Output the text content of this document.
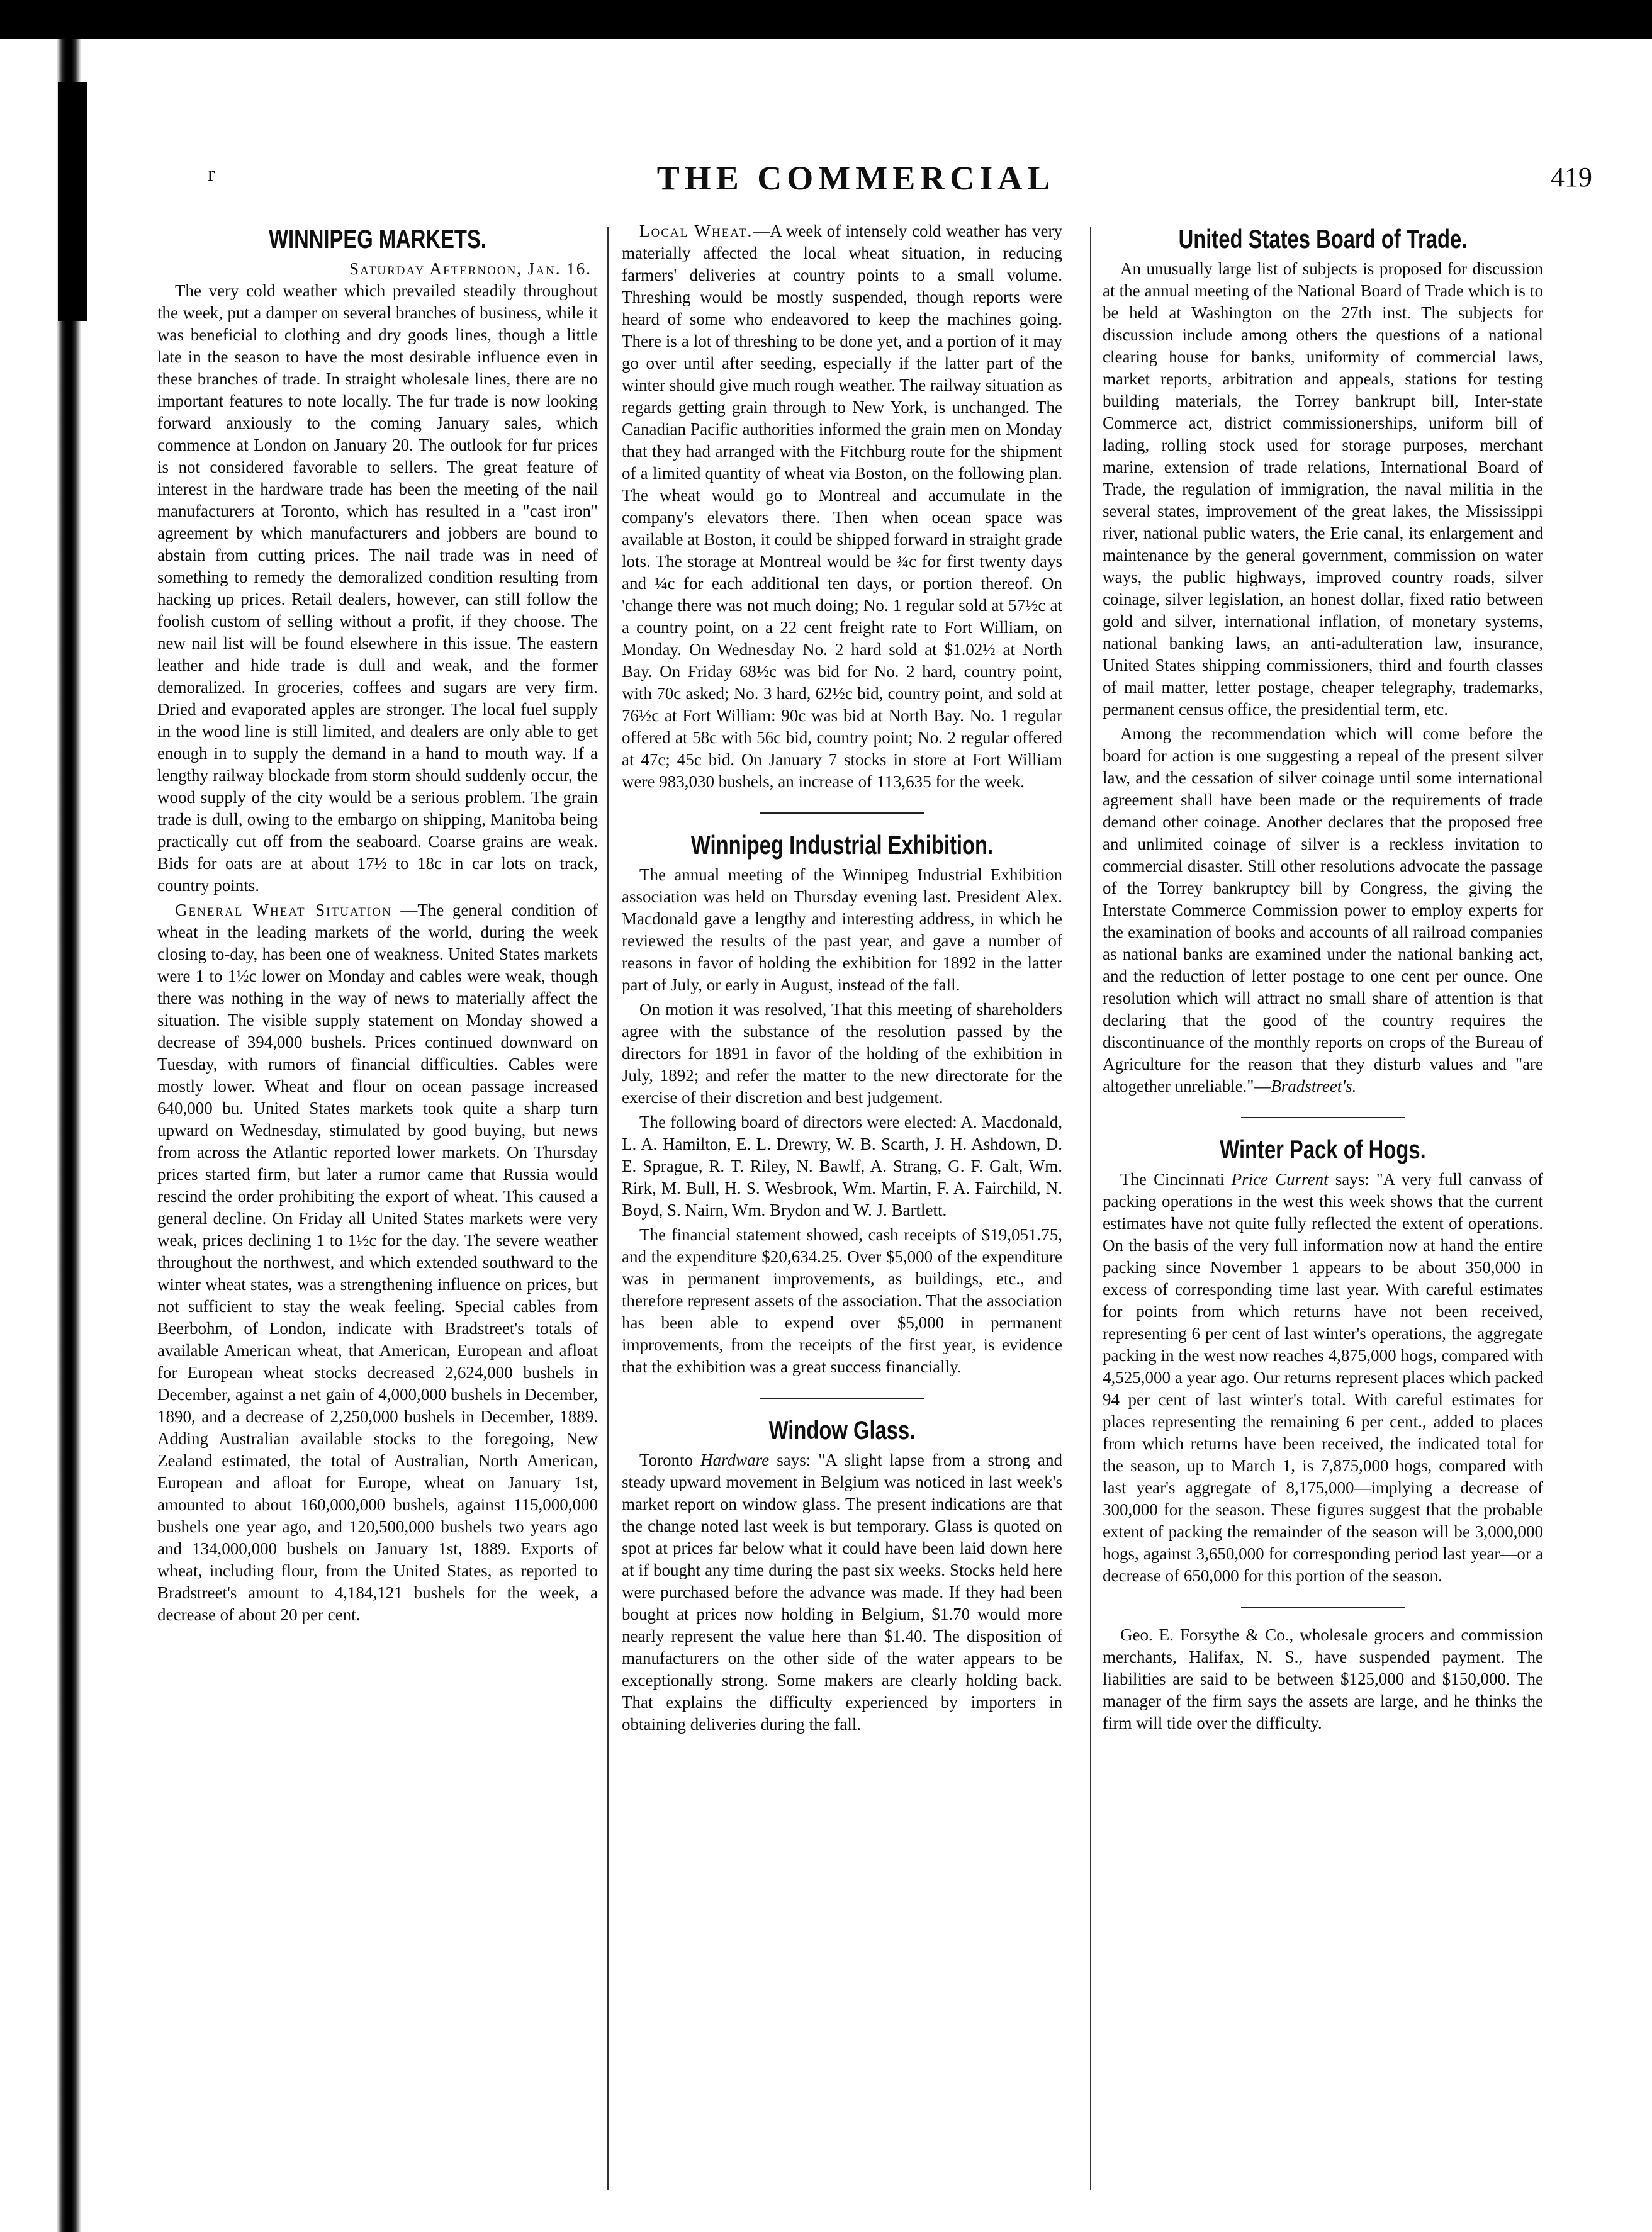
r	THE COMMERCIAL	419
WINNIPEG MARKETS.
Saturday Afternoon, Jan. 16.

The very cold weather which prevailed steadily throughout the week, put a damper on several branches of business, while it was beneficial to clothing and dry goods lines, though a little late in the season to have the most desirable influence even in these branches of trade. In straight wholesale lines, there are no important features to note locally. The fur trade is now looking forward anxiously to the coming January sales, which commence at London on January 20. The outlook for fur prices is not considered favorable to sellers. The great feature of interest in the hardware trade has been the meeting of the nail manufacturers at Toronto, which has resulted in a "cast iron" agreement by which manufacturers and jobbers are bound to abstain from cutting prices. The nail trade was in need of something to remedy the demoralized condition resulting from hacking up prices. Retail dealers, however, can still follow the foolish custom of selling without a profit, if they choose. The new nail list will be found elsewhere in this issue. The eastern leather and hide trade is dull and weak, and the former demoralized. In groceries, coffees and sugars are very firm. Dried and evaporated apples are stronger. The local fuel supply in the wood line is still limited, and dealers are only able to get enough in to supply the demand in a hand to mouth way. If a lengthy railway blockade from storm should suddenly occur, the wood supply of the city would be a serious problem. The grain trade is dull, owing to the embargo on shipping, Manitoba being practically cut off from the seaboard. Coarse grains are weak. Bids for oats are at about 17½ to 18c in car lots on track, country points.

General Wheat Situation —The general condition of wheat in the leading markets of the world, during the week closing to-day, has been one of weakness. United States markets were 1 to 1½c lower on Monday and cables were weak, though there was nothing in the way of news to materially affect the situation. The visible supply statement on Monday showed a decrease of 394,000 bushels. Prices continued downward on Tuesday, with rumors of financial difficulties. Cables were mostly lower. Wheat and flour on ocean passage increased 640,000 bu. United States markets took quite a sharp turn upward on Wednesday, stimulated by good buying, but news from across the Atlantic reported lower markets. On Thursday prices started firm, but later a rumor came that Russia would rescind the order prohibiting the export of wheat. This caused a general decline. On Friday all United States markets were very weak, prices declining 1 to 1½c for the day. The severe weather throughout the northwest, and which extended southward to the winter wheat states, was a strengthening influence on prices, but not sufficient to stay the weak feeling. Special cables from Beerbohm, of London, indicate with Bradstreet's totals of available American wheat, that American, European and afloat for European wheat stocks decreased 2,624,000 bushels in December, against a net gain of 4,000,000 bushels in December, 1890, and a decrease of 2,250,000 bushels in December, 1889. Adding Australian available stocks to the foregoing, New Zealand estimated, the total of Australian, North American, European and afloat for Europe, wheat on January 1st, amounted to about 160,000,000 bushels, against 115,000,000 bushels one year ago, and 120,500,000 bushels two years ago and 134,000,000 bushels on January 1st, 1889. Exports of wheat, including flour, from the United States, as reported to Bradstreet's amount to 4,184,121 bushels for the week, a decrease of about 20 per cent.

Local Wheat.—A week of intensely cold weather has very materially affected the local wheat situation, in reducing farmers' deliveries at country points to a small volume. Threshing would be mostly suspended, though reports were heard of some who endeavored to keep the machines going. There is a lot of threshing to be done yet, and a portion of it may go over until after seeding, especially if the latter part of the winter should give much rough weather. The railway situation as regards getting grain through to New York, is unchanged. The Canadian Pacific authorities informed the grain men on Monday that they had arranged with the Fitchburg route for the shipment of a limited quantity of wheat via Boston, on the following plan. The wheat would go to Montreal and accumulate in the company's elevators there. Then when ocean space was available at Boston, it could be shipped forward in straight grade lots. The storage at Montreal would be ¾c for first twenty days and ¼c for each additional ten days, or portion thereof. On 'change there was not much doing; No. 1 regular sold at 57½c at a country point, on a 22 cent freight rate to Fort William, on Monday. On Wednesday No. 2 hard sold at $1.02½ at North Bay. On Friday 68½c was bid for No. 2 hard, country point, with 70c asked; No. 3 hard, 62½c bid, country point, and sold at 76½c at Fort William: 90c was bid at North Bay. No. 1 regular offered at 58c with 56c bid, country point; No. 2 regular offered at 47c; 45c bid. On January 7 stocks in store at Fort William were 983,030 bushels, an increase of 113,635 for the week.

Winnipeg Industrial Exhibition.

The annual meeting of the Winnipeg Industrial Exhibition association was held on Thursday evening last. President Alex. Macdonald gave a lengthy and interesting address, in which he reviewed the results of the past year, and gave a number of reasons in favor of holding the exhibition for 1892 in the latter part of July, or early in August, instead of the fall.

On motion it was resolved, That this meeting of shareholders agree with the substance of the resolution passed by the directors for 1891 in favor of the holding of the exhibition in July, 1892; and refer the matter to the new directorate for the exercise of their discretion and best judgement.

The following board of directors were elected: A. Macdonald, L. A. Hamilton, E. L. Drewry, W. B. Scarth, J. H. Ashdown, D. E. Sprague, R. T. Riley, N. Bawlf, A. Strang, G. F. Galt, Wm. Rirk, M. Bull, H. S. Wesbrook, Wm. Martin, F. A. Fairchild, N. Boyd, S. Nairn, Wm. Brydon and W. J. Bartlett.

The financial statement showed, cash receipts of $19,051.75, and the expenditure $20,634.25. Over $5,000 of the expenditure was in permanent improvements, as buildings, etc., and therefore represent assets of the association. That the association has been able to expend over $5,000 in permanent improvements, from the receipts of the first year, is evidence that the exhibition was a great success financially.

Window Glass.

Toronto Hardware says: "A slight lapse from a strong and steady upward movement in Belgium was noticed in last week's market report on window glass. The present indications are that the change noted last week is but temporary. Glass is quoted on spot at prices far below what it could have been laid down here at if bought any time during the past six weeks. Stocks held here were purchased before the advance was made. If they had been bought at prices now holding in Belgium, $1.70 would more nearly represent the value here than $1.40. The disposition of manufacturers on the other side of the water appears to be exceptionally strong. Some makers are clearly holding back. That explains the difficulty experienced by importers in obtaining deliveries during the fall.

United States Board of Trade.

An unusually large list of subjects is proposed for discussion at the annual meeting of the National Board of Trade which is to be held at Washington on the 27th inst. The subjects for discussion include among others the questions of a national clearing house for banks, uniformity of commercial laws, market reports, arbitration and appeals, stations for testing building materials, the Torrey bankrupt bill, Inter-state Commerce act, district commissionerships, uniform bill of lading, rolling stock used for storage purposes, merchant marine, extension of trade relations, International Board of Trade, the regulation of immigration, the naval militia in the several states, improvement of the great lakes, the Mississippi river, national public waters, the Erie canal, its enlargement and maintenance by the general government, commission on water ways, the public highways, improved country roads, silver coinage, silver legislation, an honest dollar, fixed ratio between gold and silver, international inflation, of monetary systems, national banking laws, an anti-adulteration law, insurance, United States shipping commissioners, third and fourth classes of mail matter, letter postage, cheaper telegraphy, trademarks, permanent census office, the presidential term, etc.

Among the recommendation which will come before the board for action is one suggesting a repeal of the present silver law, and the cessation of silver coinage until some international agreement shall have been made or the requirements of trade demand other coinage. Another declares that the proposed free and unlimited coinage of silver is a reckless invitation to commercial disaster. Still other resolutions advocate the passage of the Torrey bankruptcy bill by Congress, the giving the Interstate Commerce Commission power to employ experts for the examination of books and accounts of all railroad companies as national banks are examined under the national banking act, and the reduction of letter postage to one cent per ounce. One resolution which will attract no small share of attention is that declaring that the good of the country requires the discontinuance of the monthly reports on crops of the Bureau of Agriculture for the reason that they disturb values and "are altogether unreliable."—Bradstreet's.

Winter Pack of Hogs.

The Cincinnati Price Current says: "A very full canvass of packing operations in the west this week shows that the current estimates have not quite fully reflected the extent of operations. On the basis of the very full information now at hand the entire packing since November 1 appears to be about 350,000 in excess of corresponding time last year. With careful estimates for points from which returns have not been received, representing 6 per cent of last winter's operations, the aggregate packing in the west now reaches 4,875,000 hogs, compared with 4,525,000 a year ago. Our returns represent places which packed 94 per cent of last winter's total. With careful estimates for places representing the remaining 6 per cent., added to places from which returns have been received, the indicated total for the season, up to March 1, is 7,875,000 hogs, compared with last year's aggregate of 8,175,000—implying a decrease of 300,000 for the season. These figures suggest that the probable extent of packing the remainder of the season will be 3,000,000 hogs, against 3,650,000 for corresponding period last year—or a decrease of 650,000 for this portion of the season.

Geo. E. Forsythe & Co., wholesale grocers and commission merchants, Halifax, N. S., have suspended payment. The liabilities are said to be between $125,000 and $150,000. The manager of the firm says the assets are large, and he thinks the firm will tide over the difficulty.
